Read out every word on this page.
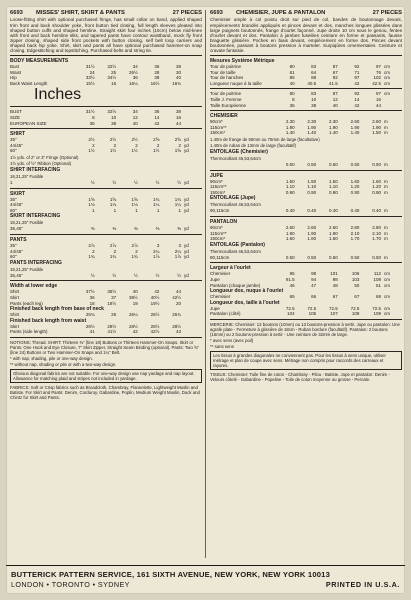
6693	MISSES' SHIRT, SKIRT & PANTS	27 PIECES
Loose-fitting shirt with optional purchased fringe, has small collar on band, applied shaped trim front and back shoulder yoke, front button tied closing, full length sleeves pleated into shaped button cuffs and shaped hemline. Straight skirt four inches (10cm) below mid-knee with front and back hemline slits, and tapered pants have contour waistband, mock fly front zipper closing, shaped side front pockets with button closing, self belt loop carriers and shaped back hip yoke. Shirt, skirt and pants all have optional purchased hammer-on snap closing. Edgestitching and topstitching. Purchased belts and string tie.
BODY MEASUREMENTS
Bust	31½	32½	34	36	38	
Waist	24	25	26½	28	30	
Hip	33½	34½	36	38	40	
Back Waist Length	15½	16	16¼	16½	16¾	
Inches
BUST	31½	32½	34	36	38	
SIZE	8	10	12	14	16	
EUROPEAN SIZE	36	38	40	42	44	
SHIRT
35"	2½	2½	2½	2⅝	2⅝	yd
44/45"	2	2	2	2	2	yd
60"	1½	1½	1½	1½	1⅝	yd
1½ yds. of 2" or 3" Fringe (Optional)
1½ yds. of ½" Ribbon (Optional)
SHIRT INTERFACING
18,21,25" Fusible
1	½	½	½	½	½	yd
SKIRT
35"	1⅝	1⅝	1⅝	1¾	1¾	yd
44/45"	1⅛	1⅛	1⅛	1¼	1¼	yd
60"	1	1	1	1	1	yd
SKIRT INTERFACING
18,21,25" Fusible
36,45"	⅜	⅜	⅜	⅜	⅜	yd
PANTS
35"	2⅞	2⅞	2⅞	3	3	yd
44/45"	2	2	2	2¼	2¼	yd
60"	1¾	1¾	1¾	1⅞	1⅞	yd
PANTS INTERFACING
18,21,25" Fusible
36,45"	½	½	½	½	½	yd
Width at lower edge
Shirt	37½	38½	40	42	44	
Skirt	36	37	38½	40½	42½	
Pants (each leg)	18	18½	19	19½	20	
Finished back length from base of neck
Shirt	25¾	26	26¼	26½	26¾	
Finished back length from waist
Skirt	28½	28½	28½	28½	28½	
Pants (side length)	41	41½	42	42½	43	
NOTIONS: Thread. SHIRT: Thirteen ⅜" (line 18) Buttons or Thirteen Hammer-On Snaps. Skirt or Pants: One Hook and Eye Closure, 7" Skirt Zipper, Straight Seam Binding (optional). Pants: Two ⅝" (line 24) Buttons or Two Hammer-On Snaps and 1¼" Belt.
* with nap, shading, pile or one-way design.
** without nap, shading or pile or with a two-way design.
Obvious diagonal fabrics are not suitable. For one-way design use nap yardage and nap layout. Allowance for matching plaid and stripes not included in yardage.
FABRICS: Soft or Crisp fabrics such as Broadcloth, Chambray, Flannelette, Lightweight Muslin and Batiste. For Skirt and Pants: Denim, Corduroy, Gabardine, Poplin, Medium Weight Muslin, Duck and Chintz for Skirt and Pants.
6693	CHEMISIER, JUPE & PANTALON	27 PIECES
Chemisier ample à col pointu droit sur pied de col, bandes de boutonnage devant, empiècements brandés appliqués et pinces devant et dos, manches longues plissées dans large poignets boutonnés, frange d'ourlet façonné. Jupe droite 10 cm sous le genou, fentes d'ourlet devant et dos. Pantalon à jambes fuselées ceinture en forme et passants, fausse braguette glissière. Poches en biais devant, empiècement en forme dos. Pinces devant boutonnées, passant à boutons pression à marteler. Surpiqûres ornementales. Ceinture et cravate fantaisie.
Mesures Système Métrique
Tour de poitrine	80	83	87	92	97	cm
Tour de taille	61	64	67	71	76	cm
Tour de hanches	85	88	92	97	102	cm
Longueur nuque à la taille	40	40.5	41.5	42	42.5	cm
Tour de poitrine	80	83	87	92	97	cm
Taille J. Femme	8	10	12	14	16	
Taille Européenne	36	38	40	42	44	
CHEMISIER
90cm*	2.30	2.30	2.30	2.60	2.60	m
115cm**	1.90	1.90	1.90	1.90	1.90	m
150cm*	1.40	1.40	1.40	1.40	1.50	m
1.40m de frange de 50mm ou 75mm de large (facultative)
1.40m de ruban de 13mm de large (facultatif)
ENTOILAGE (Chemisier)
Thermocollant 46,53,64cm
	0.50	0.50	0.50	0.50	0.50	m
JUPE
90cm*	1.50	1.50	1.50	1.60	1.60	m
115cm**	1.10	1.10	1.10	1.20	1.20	m
150cm*	0.90	0.90	0.90	0.90	0.90	m
ENTOILAGE (Jupe)
Thermocollant 46,53,64cm
90,115cm	0.40	0.40	0.40	0.40	0.40	m
PANTALON
90cm*	2.60	2.60	2.60	2.80	2.80	m
115cm**	1.90	1.90	1.90	2.10	2.10	m
150cm*	1.60	1.60	1.60	1.70	1.70	m
ENTOILAGE (Pantalon)
Thermocollant 46,53,64cm
90,115cm	0.50	0.50	0.50	0.50	0.50	m
Largeur à l'ourlet
Chemisier	95	98	101	106	112	cm
Jupe	91.5	94	98	103	108	cm
Pantalon (chaque jambe)	46	47	48	50	51	cm
Longueur dos, nuque à l'ourlet
Chemisier	65	66	67	67	68	cm
Longueur dos, taille à l'ourlet
Jupe	72.5	72.5	72.5	72.5	72.5	cm
Pantalon (côté)	104	105	107	108	109	cm
MERCERIE: Chemisier: 13 boutons (10mm) ou 13 boutons-pression à sertir. Jupe ou pantalon: Une agrafe plate - Fermeture à glissière de 18cm - Ruban bordure (facultatif). Pantalon: 2 boutons (15mm) ou 2 boutons-pression à sertir - Une ceinture de 32mm de large.
* avec sens (avec poil)
** sans sens
Les tissus à grandes diagonales ne conviennent pas. Pour les tissus à sens unique, utiliser métrage et plan de coupe avec sens. Métrage non compris pour raccords des carreaux et rayures.
TISSUS: Chemisier: Toile fine de coton - Chambray - Pilou - Batiste. Jupe et pantalon: Denim - Velours côtelé - Gabardine - Popeline - Toile de coton moyenne ou grosse - Percale.
BUTTERICK PATTERN SERVICE, 161 SIXTH AVENUE, NEW YORK, NEW YORK 10013
LONDON • TORONTO • SYDNEY	PRINTED IN U.S.A.
